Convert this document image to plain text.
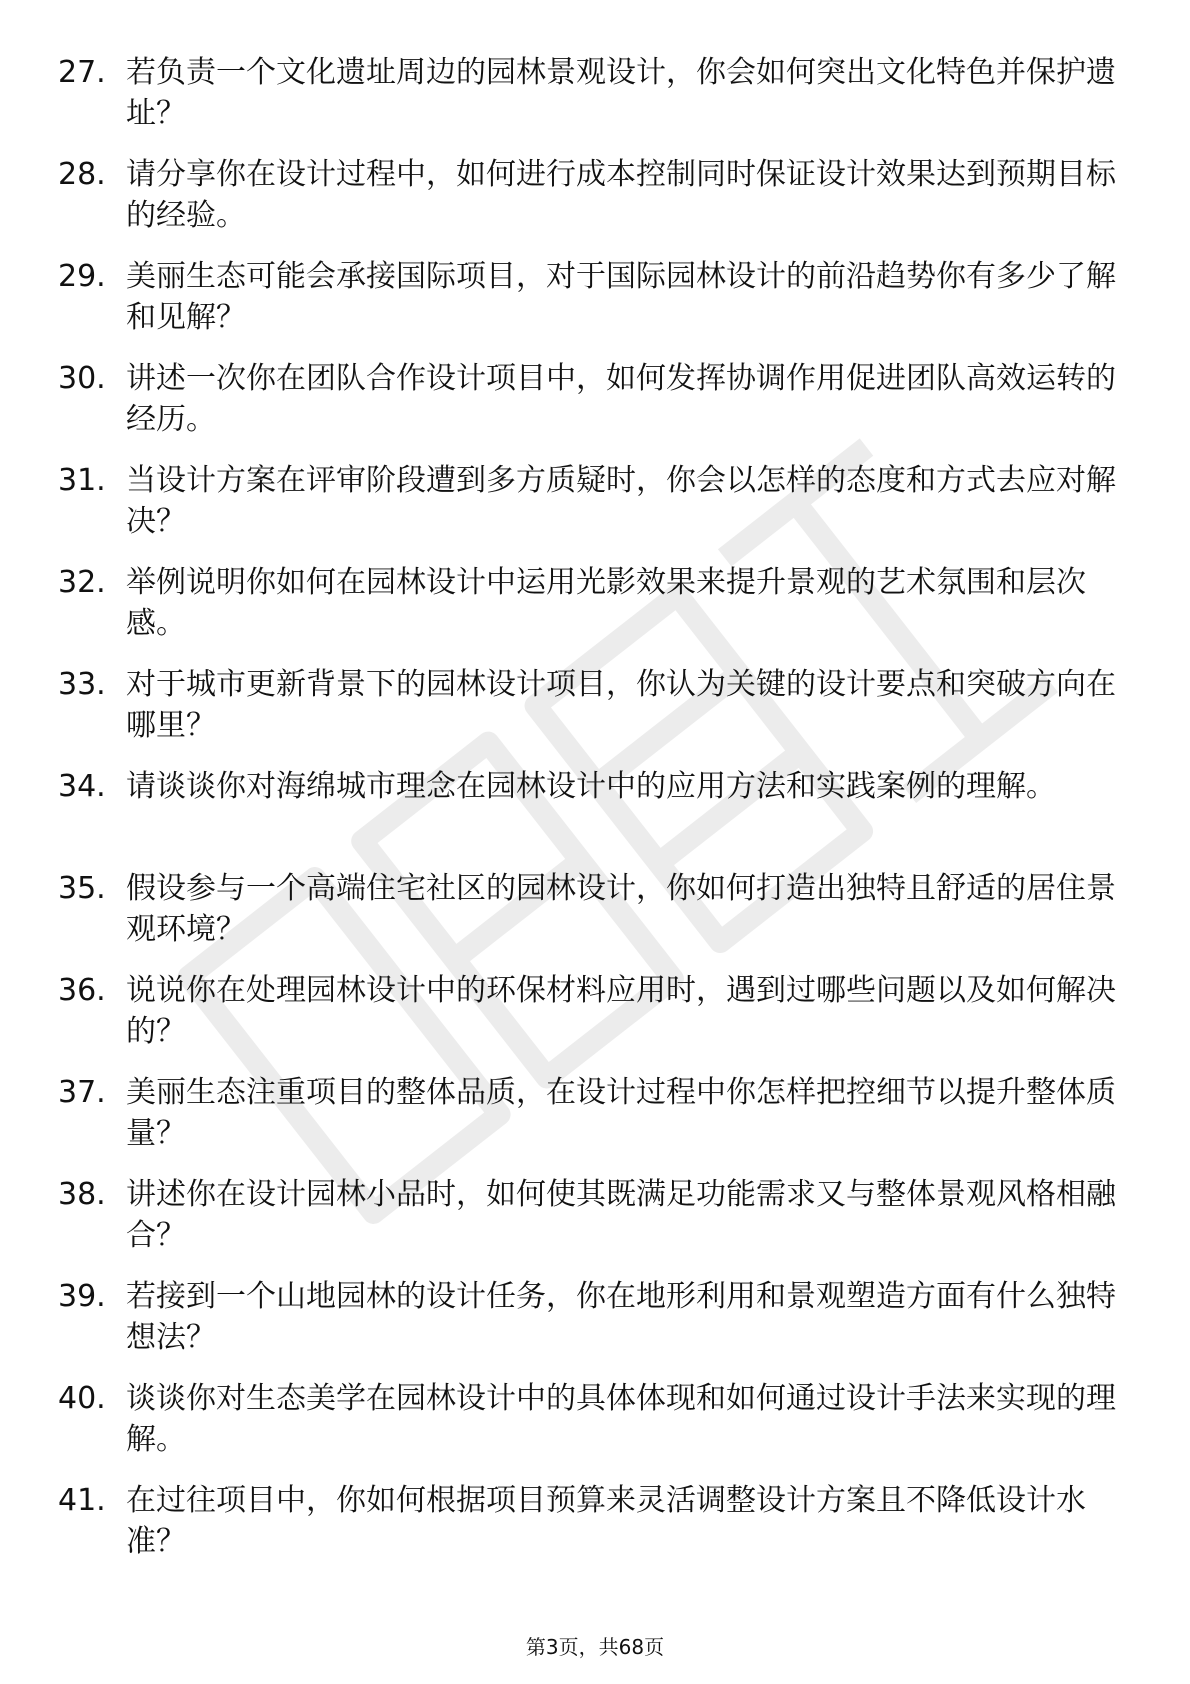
27. 若负责一个文化遗址周边的园林景观设计，你会如何突出文化特色并保护遗址？
28. 请分享你在设计过程中，如何进行成本控制同时保证设计效果达到预期目标的经验。
29. 美丽生态可能会承接国际项目，对于国际园林设计的前沿趋势你有多少了解和见解？
30. 讲述一次你在团队合作设计项目中，如何发挥协调作用促进团队高效运转的经历。
31. 当设计方案在评审阶段遭到多方质疑时，你会以怎样的态度和方式去应对解决？
32. 举例说明你如何在园林设计中运用光影效果来提升景观的艺术氛围和层次感。
33. 对于城市更新背景下的园林设计项目，你认为关键的设计要点和突破方向在哪里？
34. 请谈谈你对海绵城市理念在园林设计中的应用方法和实践案例的理解。
35. 假设参与一个高端住宅社区的园林设计，你如何打造出独特且舒适的居住景观环境？
36. 说说你在处理园林设计中的环保材料应用时，遇到过哪些问题以及如何解决的？
37. 美丽生态注重项目的整体品质，在设计过程中你怎样把控细节以提升整体质量？
38. 讲述你在设计园林小品时，如何使其既满足功能需求又与整体景观风格相融合？
39. 若接到一个山地园林的设计任务，你在地形利用和景观塑造方面有什么独特想法？
40. 谈谈你对生态美学在园林设计中的具体体现和如何通过设计手法来实现的理解。
41. 在过往项目中，你如何根据项目预算来灵活调整设计方案且不降低设计水准？
第3页，共68页
